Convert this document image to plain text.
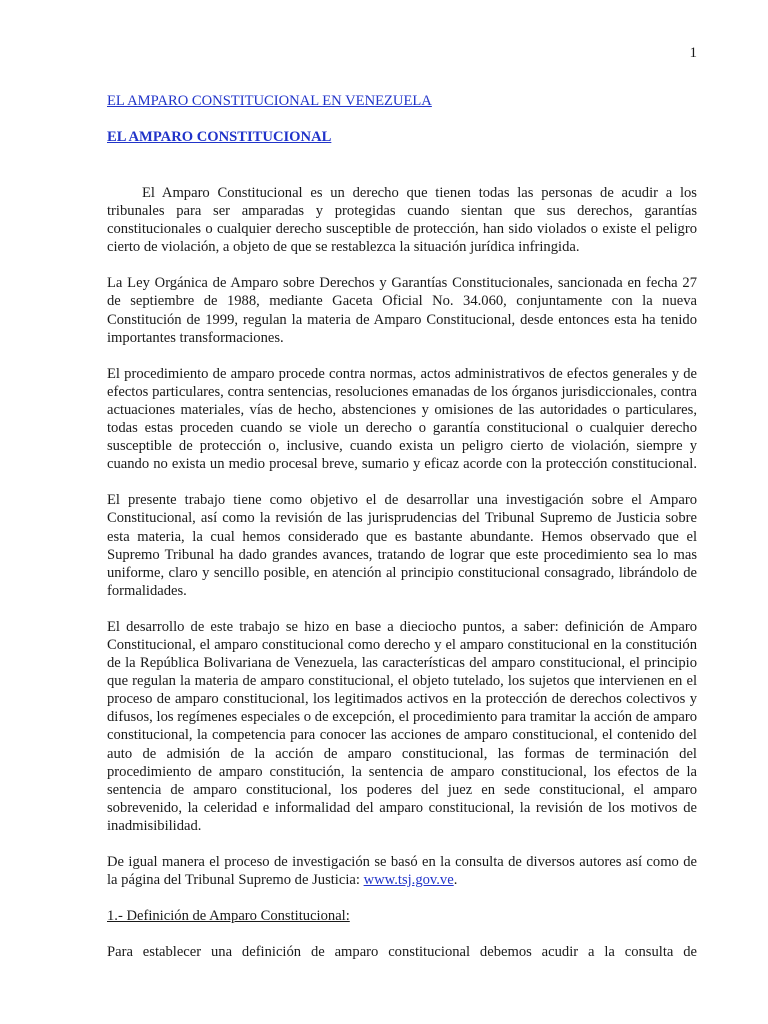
1

EL AMPARO CONSTITUCIONAL EN VENEZUELA

EL AMPARO CONSTITUCIONAL

El Amparo Constitucional es un derecho que tienen todas las personas de acudir a los tribunales para ser amparadas y protegidas cuando sientan que sus derechos, garantías constitucionales o cualquier derecho susceptible de protección, han sido violados o existe el peligro cierto de violación, a objeto de que se restablezca la situación jurídica infringida.

La Ley Orgánica de Amparo sobre Derechos y Garantías Constitucionales, sancionada en fecha 27 de septiembre de 1988, mediante Gaceta Oficial No. 34.060, conjuntamente con la nueva Constitución de 1999, regulan la materia de Amparo Constitucional, desde entonces esta ha tenido importantes transformaciones.

El procedimiento de amparo procede contra normas, actos administrativos de efectos generales y de efectos particulares, contra sentencias, resoluciones emanadas de los órganos jurisdiccionales, contra actuaciones materiales, vías de hecho, abstenciones y omisiones de las autoridades o particulares, todas estas proceden cuando se viole un derecho o garantía constitucional o cualquier derecho susceptible de protección o, inclusive, cuando exista un peligro cierto de violación, siempre y cuando no exista un medio procesal breve, sumario y eficaz acorde con la protección constitucional.

El presente trabajo tiene como objetivo el de desarrollar una investigación sobre el Amparo Constitucional, así como la revisión de las jurisprudencias del Tribunal Supremo de Justicia sobre esta materia, la cual hemos considerado que es bastante abundante. Hemos observado que el Supremo Tribunal ha dado grandes avances, tratando de lograr que este procedimiento sea lo mas uniforme, claro y sencillo posible, en atención al principio constitucional consagrado, librándolo de formalidades.

El desarrollo de este trabajo se hizo en base a dieciocho puntos, a saber: definición de Amparo Constitucional, el amparo constitucional como derecho y el amparo constitucional en la constitución de la República Bolivariana de Venezuela, las características del amparo constitucional, el principio que regulan la materia de amparo constitucional, el objeto tutelado, los sujetos que intervienen en el proceso de amparo constitucional, los legitimados activos en la protección de derechos colectivos y difusos, los regímenes especiales o de excepción, el procedimiento para tramitar la acción de amparo constitucional, la competencia para conocer las acciones de amparo constitucional, el contenido del auto de admisión de la acción de amparo constitucional, las formas de terminación del procedimiento de amparo constitución, la sentencia de amparo constitucional, los efectos de la sentencia de amparo constitucional, los poderes del juez en sede constitucional, el amparo sobrevenido, la celeridad e informalidad del amparo constitucional, la revisión de los motivos de inadmisibilidad.

De igual manera el proceso de investigación se basó en la consulta de diversos autores así como de la página del Tribunal Supremo de Justicia: www.tsj.gov.ve.

1.- Definición de Amparo Constitucional:

Para establecer una definición de amparo constitucional debemos acudir a la consulta de
